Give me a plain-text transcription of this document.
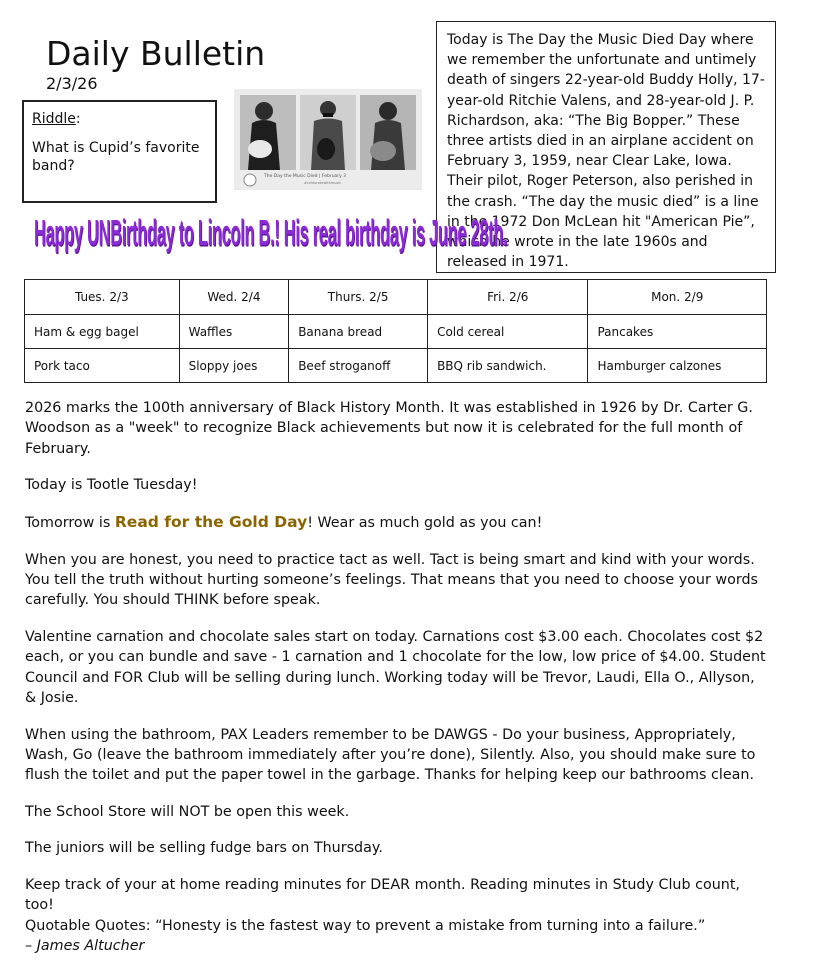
Daily Bulletin
2/3/26
Riddle:
What is Cupid’s favorite band?
The Day the Music Died | February 3
#celebratewithmusic
Today is The Day the Music Died Day where we remember the unfortunate and untimely death of singers 22-year-old Buddy Holly, 17-year-old Ritchie Valens, and 28-year-old J. P. Richardson, aka: “The Big Bopper.” These three artists died in an airplane accident on February 3, 1959, near Clear Lake, Iowa. Their pilot, Roger Peterson, also perished in the crash. “The day the music died” is a line in the 1972 Don McLean hit "American Pie”, which he wrote in the late 1960s and released in 1971.
Happy UNBirthday to Lincoln B.! His real birthday is June 28th.
Tues. 2/3	Wed. 2/4	Thurs. 2/5	Fri. 2/6	Mon. 2/9
Ham & egg bagel	Waffles	Banana bread	Cold cereal	Pancakes
Pork taco	Sloppy joes	Beef stroganoff	BBQ rib sandwich.	Hamburger calzones

2026 marks the 100th anniversary of Black History Month. It was established in 1926 by Dr. Carter G. Woodson as a "week" to recognize Black achievements but now it is celebrated for the full month of February.

Today is Tootle Tuesday!

Tomorrow is Read for the Gold Day! Wear as much gold as you can!

When you are honest, you need to practice tact as well. Tact is being smart and kind with your words. You tell the truth without hurting someone’s feelings. That means that you need to choose your words carefully. You should THINK before speak.

Valentine carnation and chocolate sales start on today. Carnations cost $3.00 each. Chocolates cost $2 each, or you can bundle and save - 1 carnation and 1 chocolate for the low, low price of $4.00. Student Council and FOR Club will be selling during lunch. Working today will be Trevor, Laudi, Ella O., Allyson, & Josie.

When using the bathroom, PAX Leaders remember to be DAWGS - Do your business, Appropriately, Wash, Go (leave the bathroom immediately after you’re done), Silently. Also, you should make sure to flush the toilet and put the paper towel in the garbage. Thanks for helping keep our bathrooms clean.

The School Store will NOT be open this week.

The juniors will be selling fudge bars on Thursday.

Keep track of your at home reading minutes for DEAR month. Reading minutes in Study Club count, too!
Quotable Quotes: “Honesty is the fastest way to prevent a mistake from turning into a failure.”
– James Altucher
